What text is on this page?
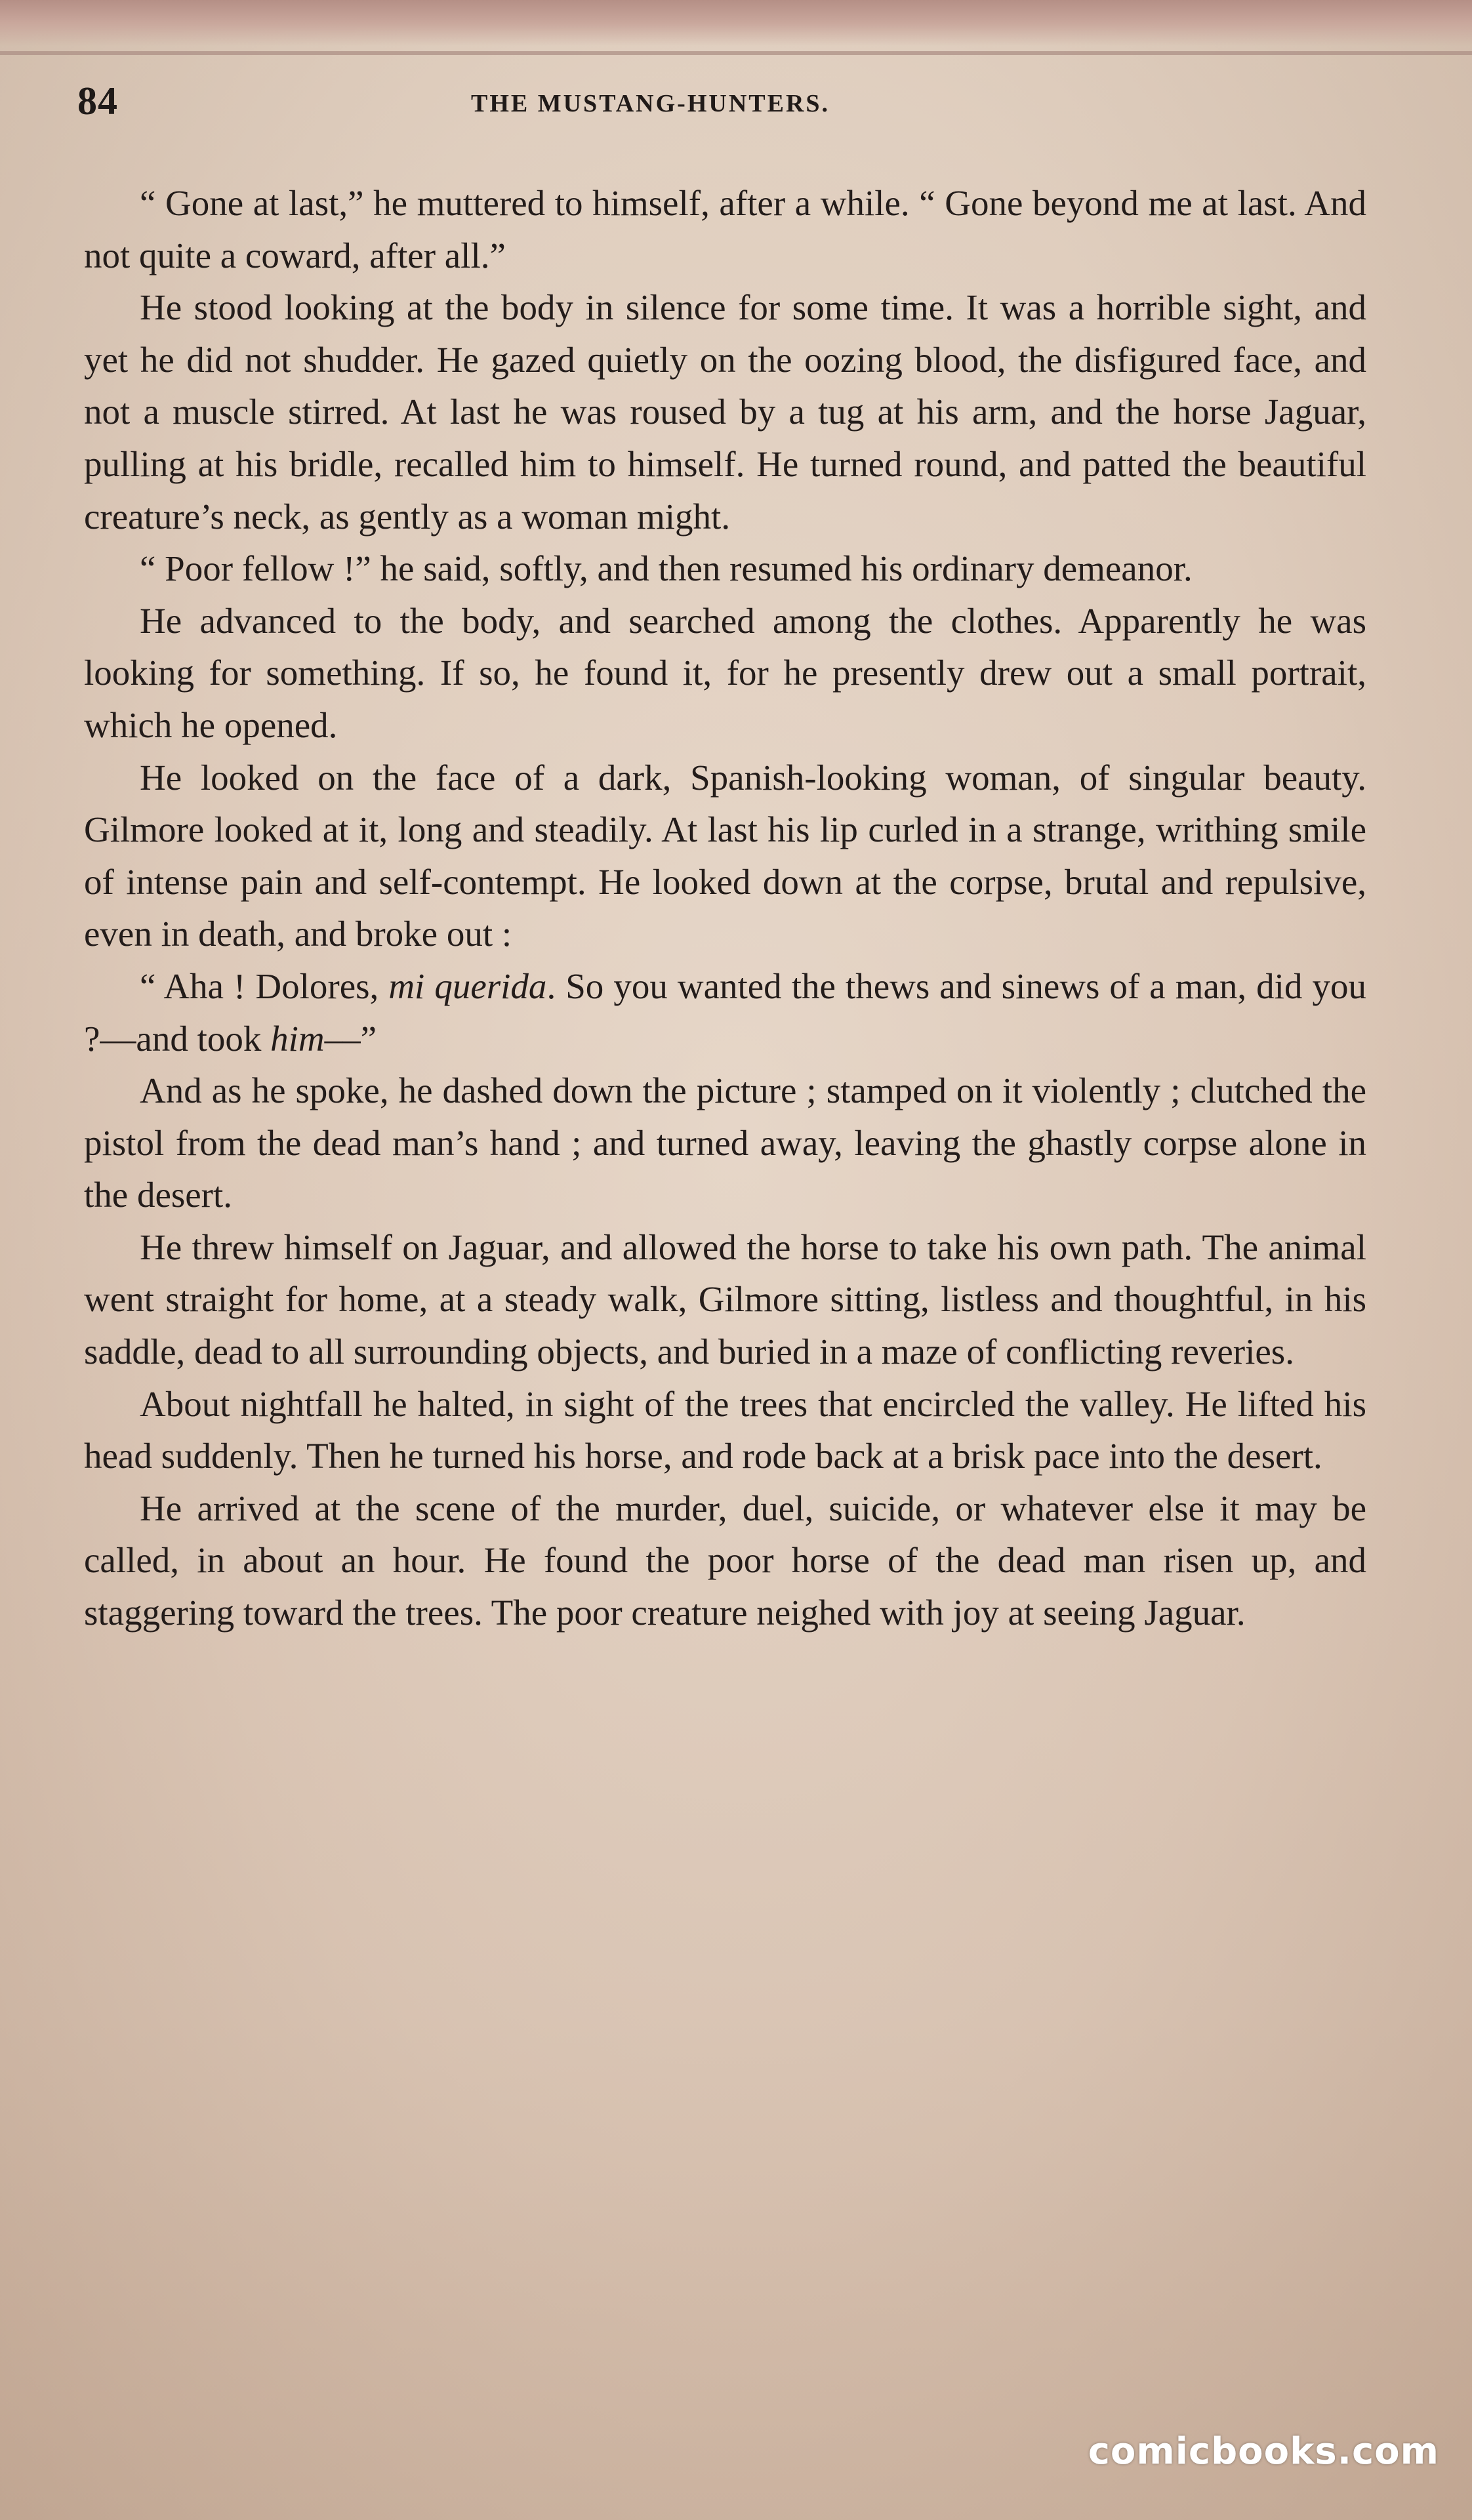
84	THE MUSTANG-HUNTERS.

“ Gone at last,” he muttered to himself, after a while. “ Gone beyond me at last. And not quite a coward, after all.”

He stood looking at the body in silence for some time. It was a horrible sight, and yet he did not shudder. He gazed quietly on the oozing blood, the disfigured face, and not a muscle stirred. At last he was roused by a tug at his arm, and the horse Jaguar, pulling at his bridle, recalled him to himself. He turned round, and patted the beautiful creature’s neck, as gently as a woman might.

“ Poor fellow !” he said, softly, and then resumed his ordinary demeanor.

He advanced to the body, and searched among the clothes. Apparently he was looking for something. If so, he found it, for he presently drew out a small portrait, which he opened.

He looked on the face of a dark, Spanish-looking woman, of singular beauty. Gilmore looked at it, long and steadily. At last his lip curled in a strange, writhing smile of intense pain and self-contempt. He looked down at the corpse, brutal and repulsive, even in death, and broke out :

“ Aha ! Dolores, mi querida. So you wanted the thews and sinews of a man, did you ?—and took him––”

And as he spoke, he dashed down the picture ; stamped on it violently ; clutched the pistol from the dead man’s hand ; and turned away, leaving the ghastly corpse alone in the desert.

He threw himself on Jaguar, and allowed the horse to take his own path. The animal went straight for home, at a steady walk, Gilmore sitting, listless and thoughtful, in his saddle, dead to all surrounding objects, and buried in a maze of conflicting reveries.

About nightfall he halted, in sight of the trees that encircled the valley. He lifted his head suddenly. Then he turned his horse, and rode back at a brisk pace into the desert.

He arrived at the scene of the murder, duel, suicide, or whatever else it may be called, in about an hour. He found the poor horse of the dead man risen up, and staggering toward the trees. The poor creature neighed with joy at seeing Jaguar.

comicbooks.com
